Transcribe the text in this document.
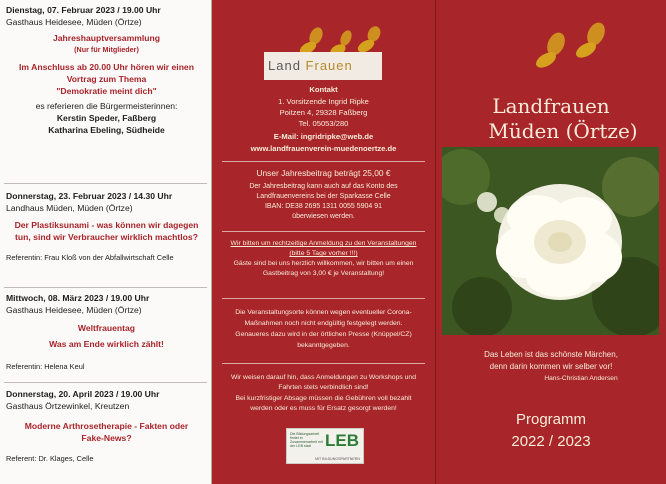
Dienstag, 07. Februar 2023 / 19.00 Uhr
Gasthaus Heidesee, Müden (Örtze)
Jahreshauptversammlung
(Nur für Mitglieder)
Im Anschluss ab 20.00 Uhr hören wir einen
Vortrag zum Thema
"Demokratie meint dich"
es referieren die Bürgermeisterinnen:
Kerstin Speder, Faßberg
Katharina Ebeling, Südheide
Donnerstag, 23. Februar 2023 / 14.30 Uhr
Landhaus Müden, Müden (Örtze)
Der Plastiksunami - was können wir dagegen
tun, sind wir Verbraucher wirklich machtlos?
Referentin: Frau Kloß von der Abfallwirtschaft Celle
Mittwoch, 08. März 2023 / 19.00 Uhr
Gasthaus Heidesee, Müden (Örtze)
Weltfrauentag
Was am Ende wirklich zählt!
Referentin: Helena Keul
Donnerstag, 20. April 2023 / 19.00 Uhr
Gasthaus Örtzewinkel, Kreutzen
Moderne Arthrosetherapie - Fakten oder
Fake-News?
Referent: Dr. Klages, Celle
Land Frauen
Kontakt
1. Vorsitzende Ingrid Ripke
Poitzen 4, 29328 Faßberg
Tel. 05053/280
E-Mail: ingridripke@web.de
www.landfrauenverein-muedenoertze.de
Unser Jahresbeitrag beträgt 25,00 €
Der Jahresbeitrag kann auch auf das Konto des
Landfrauenvereins bei der Sparkasse Celle
IBAN: DE38 2695 1311 0055 5904 91
überwiesen werden.
Wir bitten um rechtzeitige Anmeldung zu den Veranstaltungen
(bitte 5 Tage vorher !!!)
Gäste sind bei uns herzlich willkommen, wir bitten um einen
Gastbeitrag von 3,00 € je Veranstaltung!
Die Veranstaltungsorte können wegen eventueller Corona-
Maßnahmen noch nicht endgültig festgelegt werden.
Genaueres dazu wird in der örtlichen Presse (Knüppel/CZ)
bekanntgegeben.
Wir weisen darauf hin, dass Anmeldungen zu Workshops und
Fahrten stets verbindlich sind!
Bei kurzfristiger Absage müssen die Gebühren voll bezahlt
werden oder es muss für Ersatz gesorgt werden!
Die Bildungsarbeit findet in Zusammenarbeit mit der LEB statt LEB
MIT BILDUNGSPARTNERN
Landfrauen
Müden (Örtze)
Das Leben ist das schönste Märchen,
denn darin kommen wir selber vor!
Hans-Christian Andersen
Programm
2022 / 2023
